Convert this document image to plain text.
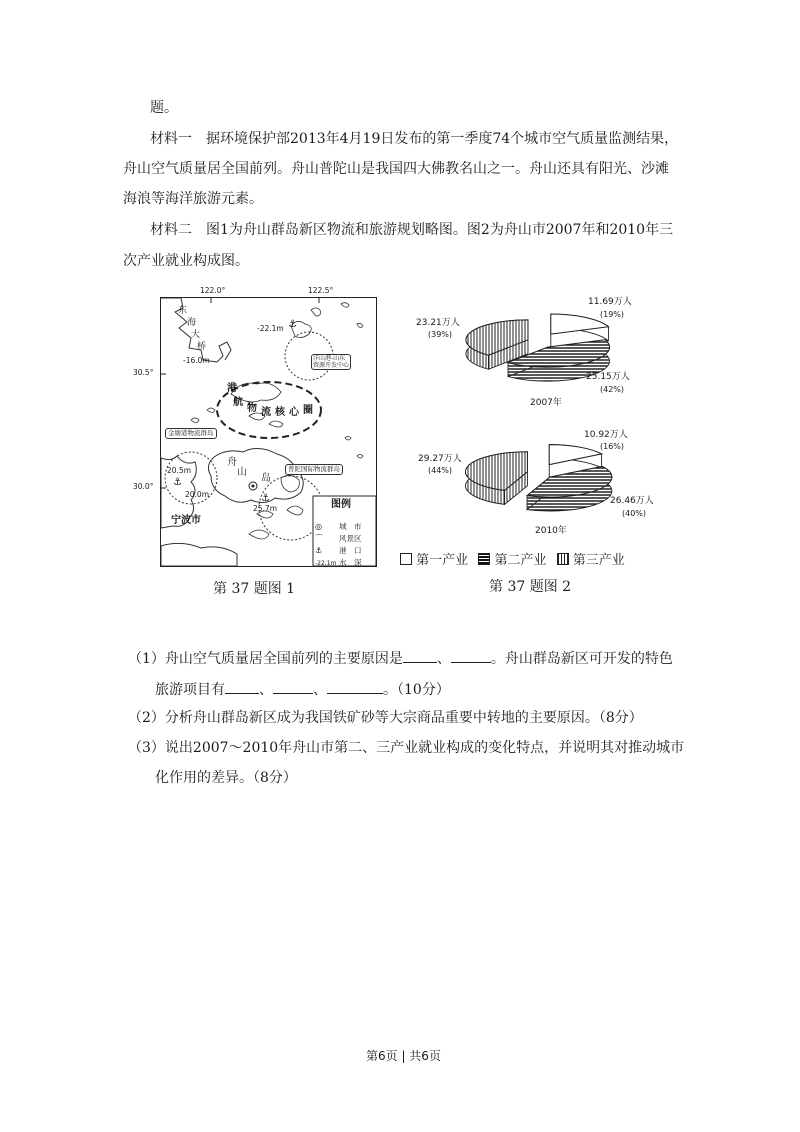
题。
材料一　据环境保护部2013年4月19日发布的第一季度74个城市空气质量监测结果，
舟山空气质量居全国前列。舟山普陀山是我国四大佛教名山之一。舟山还具有阳光、沙滩
海浪等海洋旅游元素。
材料二　图1为舟山群岛新区物流和旅游规划略图。图2为舟山市2007年和2010年三
次产业就业构成图。
122.0°	122.5°
30.5°
30.0°
东
海
大
桥
-16.0m
-22.1m ⚓
洋山港-山东
资源开发中心
港
航
物 流 核 心 圈
金塘港物流群岛
20.5m
⚓
20.0m
舟
山
岛
普陀国际物流群岛
25.7m
⚓
宁波市
图例
◎ 城　市
⌒ 风景区
⚓ 港　口
-22.1m 水　深
第 37 题图 1
11.69万人
(19%)
23.21万人
(39%)
25.15万人
(42%)
2007年
10.92万人
(16%)
29.27万人
(44%)
26.46万人
(40%)
2010年
第一产业 第二产业 第三产业
第 37 题图 2
（1）舟山空气质量居全国前列的主要原因是 、	。舟山群岛新区可开发的特色
旅游项目有 、	、	。（10分）
（2）分析舟山群岛新区成为我国铁矿砂等大宗商品重要中转地的主要原因。（8分）
（3）说出2007～2010年舟山市第二、三产业就业构成的变化特点，并说明其对推动城市
化作用的差异。（8分）
第6页 | 共6页
